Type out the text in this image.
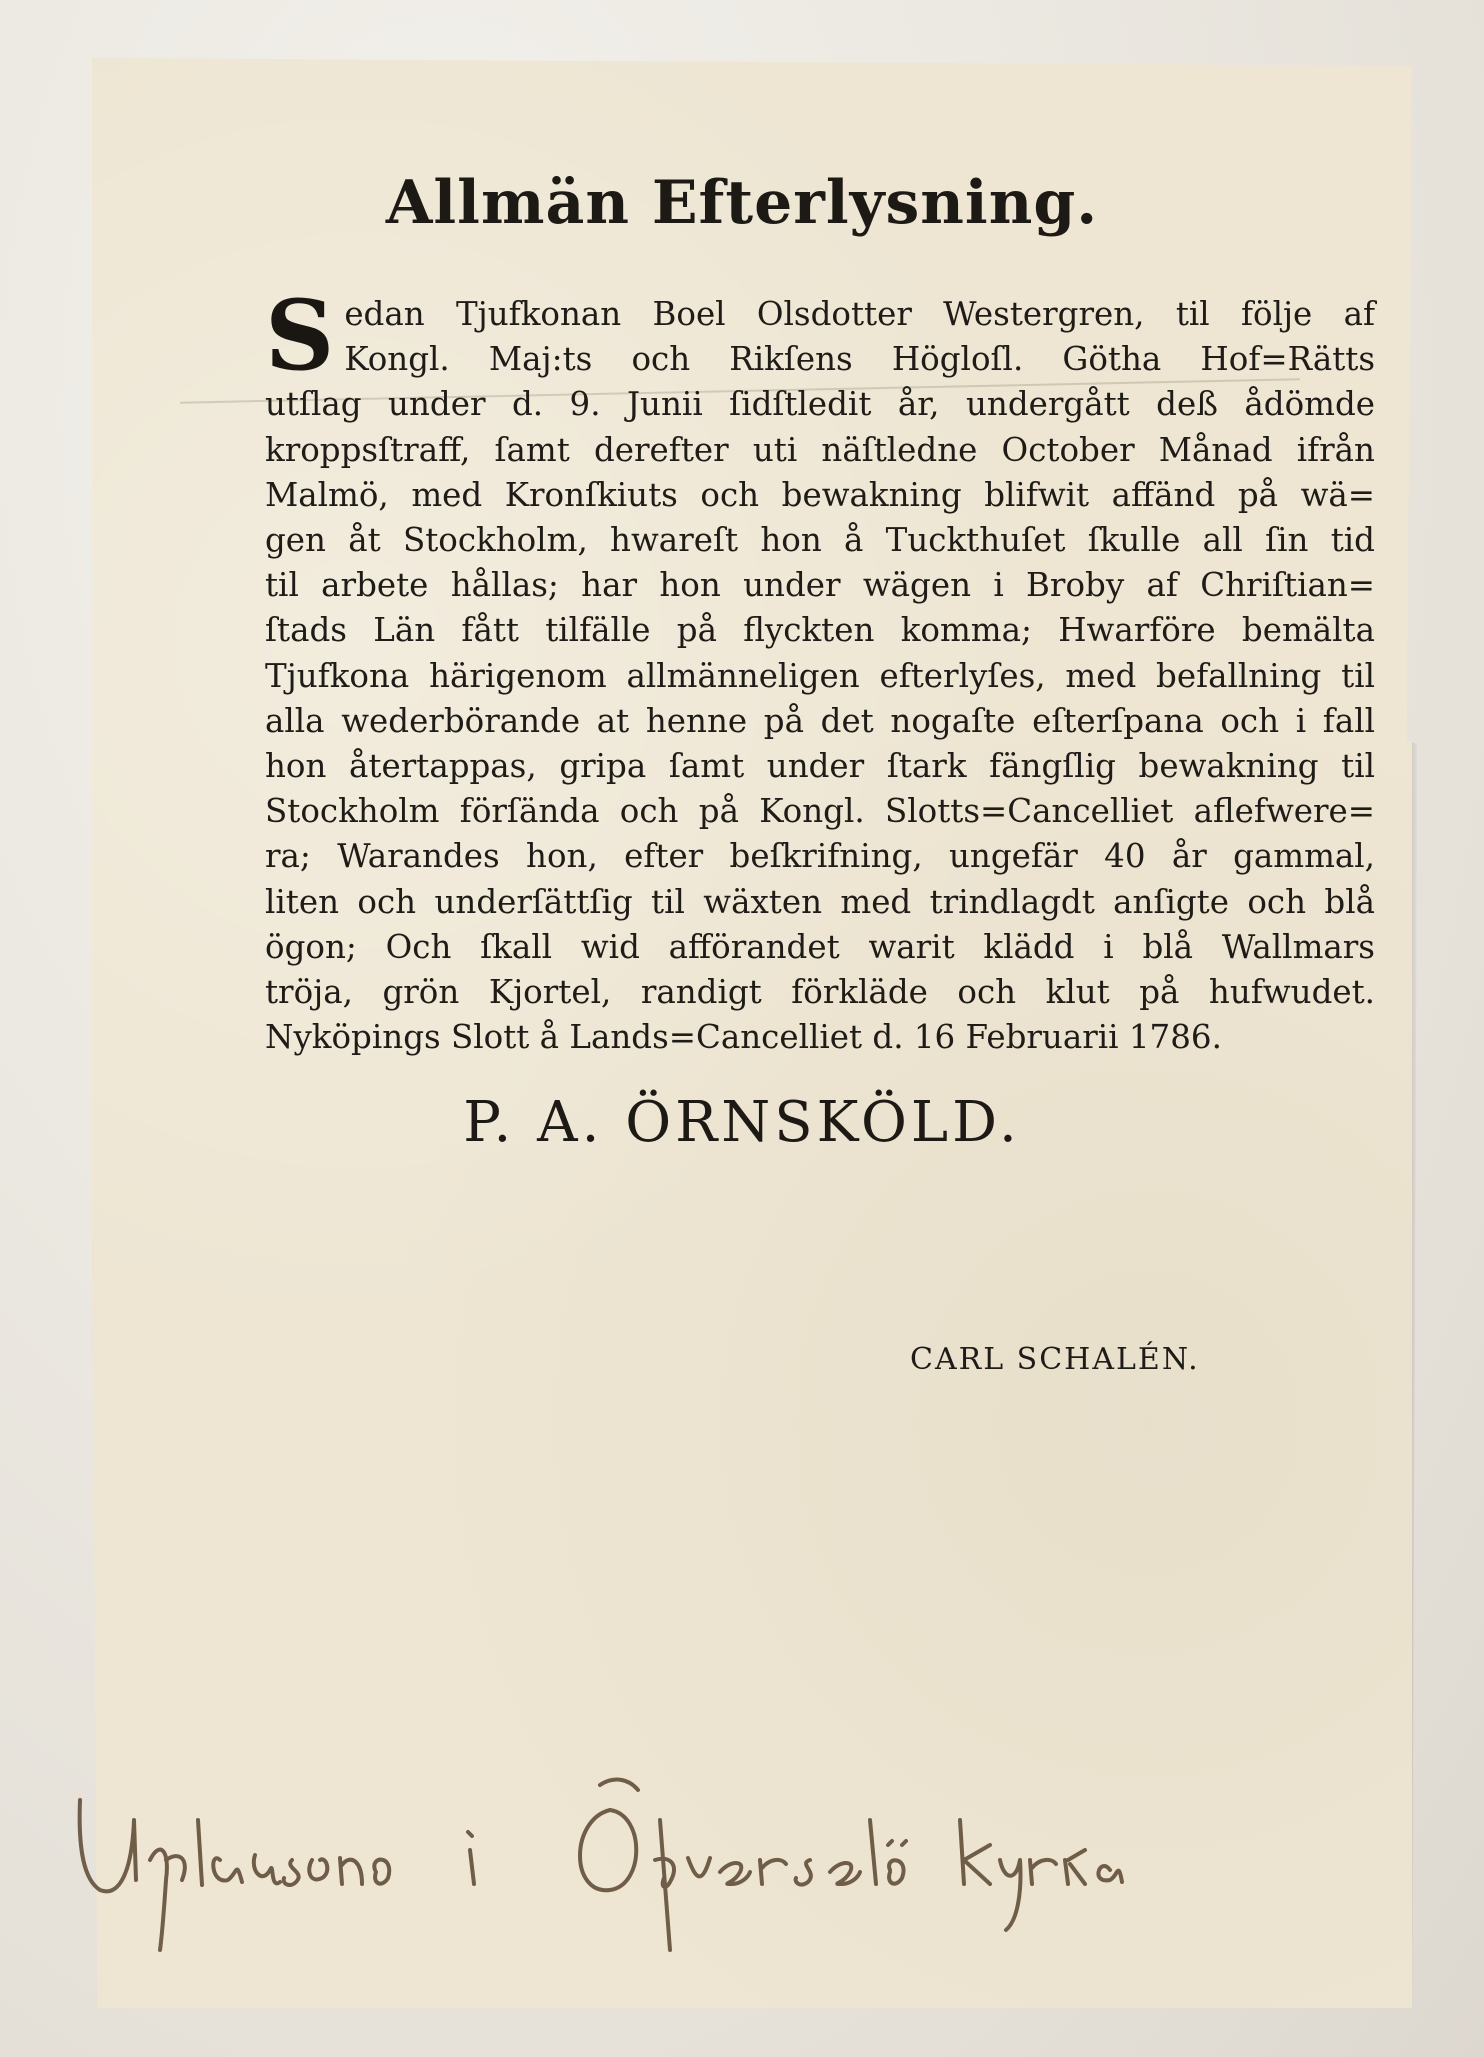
Allmän Efterlysning.
S edan Tjufkonan Boel Olsdotter Westergren, til följe af
Kongl. Maj:ts och Rikſens Högloſl. Götha Hof=Rätts
utſlag under d. 9. Junii ſidſtledit år, undergått deß ådömde
kroppsſtraff, ſamt derefter uti näſtledne October Månad ifrån
Malmö, med Kronſkiuts och bewakning blifwit affänd på wä=
gen åt Stockholm, hwareſt hon å Tuckthuſet ſkulle all ſin tid
til arbete hållas; har hon under wägen i Broby af Chriſtian=
ſtads Län fått tilfälle på flyckten komma; Hwarföre bemälta
Tjufkona härigenom allmänneligen efterlyſes, med befallning til
alla wederbörande at henne på det nogaſte eſterſpana och i fall
hon återtappas, gripa ſamt under ſtark fängſlig bewakning til
Stockholm förſända och på Kongl. Slotts=Cancelliet aflefwere=
ra; Warandes hon, efter beſkrifning, ungefär 40 år gammal,
liten och underſättſig til wäxten med trindlagdt anſigte och blå
ögon; Och ſkall wid afförandet warit klädd i blå Wallmars
tröja, grön Kjortel, randigt förkläde och klut på hufwudet.
Nyköpings Slott å Lands=Cancelliet d. 16 Februarii 1786.
P. A. ÖRNSKÖLD.
CARL SCHALÉN.
